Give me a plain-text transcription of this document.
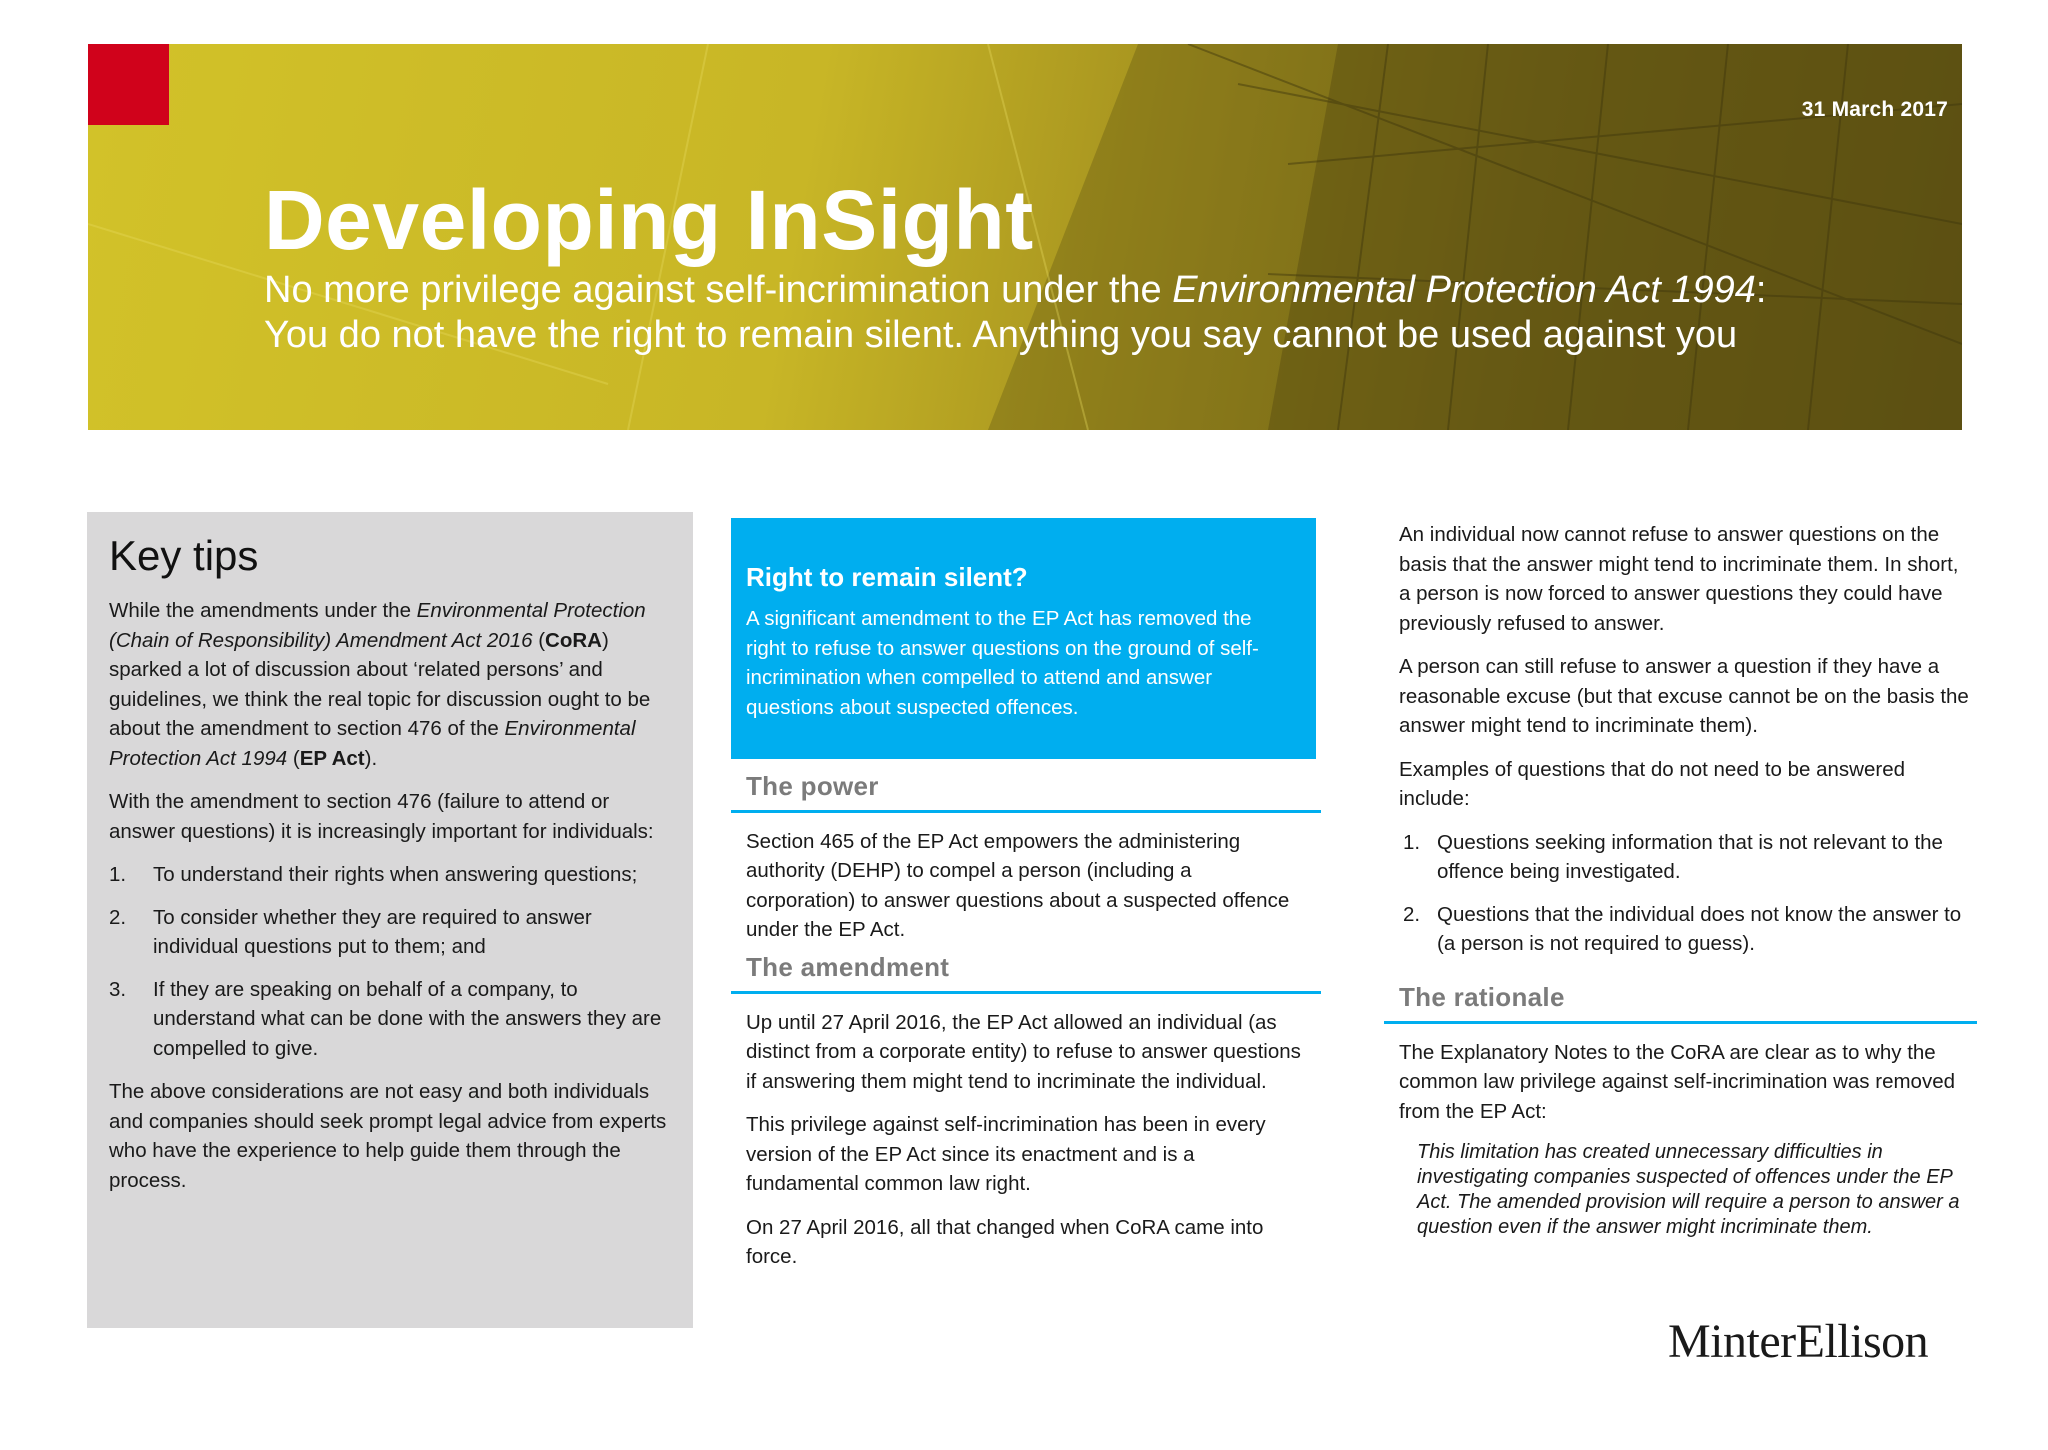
31 March 2017
Developing InSight
No more privilege against self-incrimination under the Environmental Protection Act 1994:
You do not have the right to remain silent. Anything you say cannot be used against you
Key tips

While the amendments under the Environmental Protection (Chain of Responsibility) Amendment Act 2016 (CoRA) sparked a lot of discussion about ‘related persons’ and guidelines, we think the real topic for discussion ought to be about the amendment to section 476 of the Environmental Protection Act 1994 (EP Act).

With the amendment to section 476 (failure to attend or answer questions) it is increasingly important for individuals:

1. To understand their rights when answering questions;
2. To consider whether they are required to answer individual questions put to them; and
3. If they are speaking on behalf of a company, to understand what can be done with the answers they are compelled to give.

The above considerations are not easy and both individuals and companies should seek prompt legal advice from experts who have the experience to help guide them through the process.

Right to remain silent?

A significant amendment to the EP Act has removed the right to refuse to answer questions on the ground of self-incrimination when compelled to attend and answer questions about suspected offences.

The power

Section 465 of the EP Act empowers the administering authority (DEHP) to compel a person (including a corporation) to answer questions about a suspected offence under the EP Act.

The amendment

Up until 27 April 2016, the EP Act allowed an individual (as distinct from a corporate entity) to refuse to answer questions if answering them might tend to incriminate the individual.

This privilege against self-incrimination has been in every version of the EP Act since its enactment and is a fundamental common law right.

On 27 April 2016, all that changed when CoRA came into force.

An individual now cannot refuse to answer questions on the basis that the answer might tend to incriminate them. In short, a person is now forced to answer questions they could have previously refused to answer.

A person can still refuse to answer a question if they have a reasonable excuse (but that excuse cannot be on the basis the answer might tend to incriminate them).

Examples of questions that do not need to be answered include:

1. Questions seeking information that is not relevant to the offence being investigated.
2. Questions that the individual does not know the answer to (a person is not required to guess).
The rationale

The Explanatory Notes to the CoRA are clear as to why the common law privilege against self-incrimination was removed from the EP Act:

This limitation has created unnecessary difficulties in investigating companies suspected of offences under the EP Act. The amended provision will require a person to answer a question even if the answer might incriminate them.
MinterEllison
